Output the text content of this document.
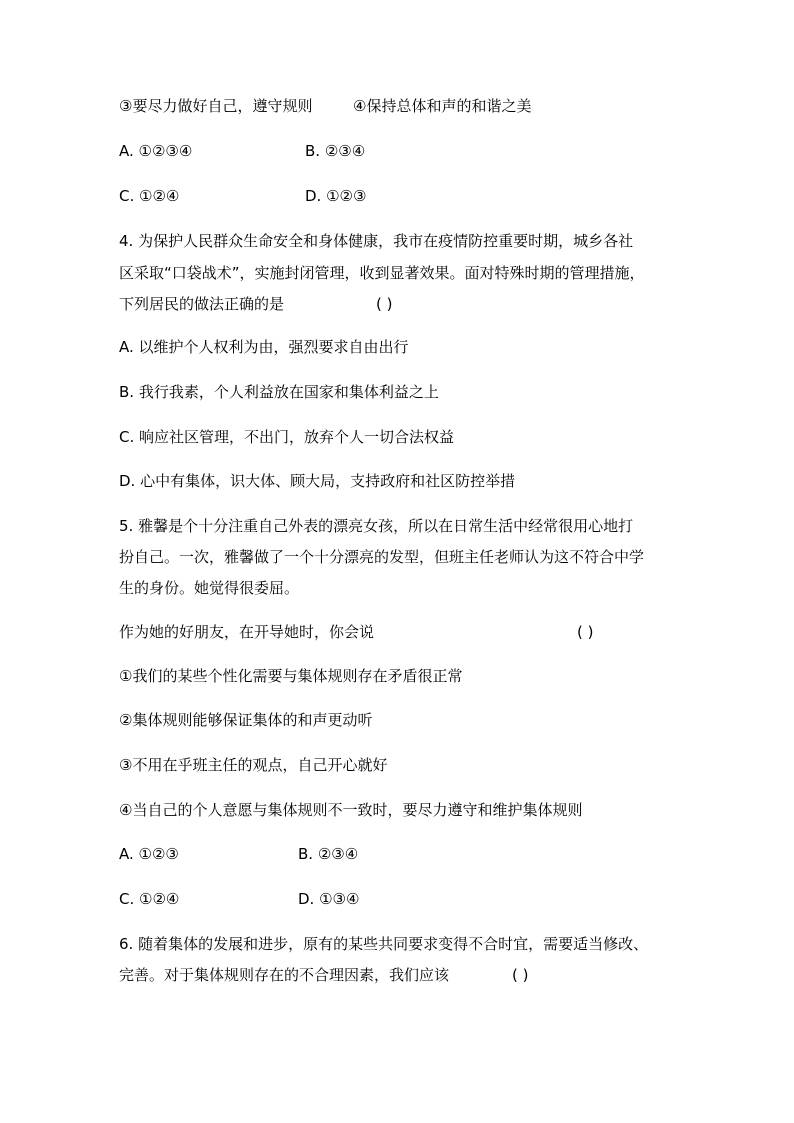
③要尽力做好自己，遵守规则	④保持总体和声的和谐之美
A. ①②③④	B. ②③④
C. ①②④	D. ①②③
4. 为保护人民群众生命安全和身体健康，我市在疫情防控重要时期，城乡各社
区采取“口袋战术”，实施封闭管理，收到显著效果。面对特殊时期的管理措施，
下列居民的做法正确的是	( )
A. 以维护个人权利为由，强烈要求自由出行
B. 我行我素，个人利益放在国家和集体利益之上
C. 响应社区管理，不出门，放弃个人一切合法权益
D. 心中有集体，识大体、顾大局，支持政府和社区防控举措
5. 雅馨是个十分注重自己外表的漂亮女孩，所以在日常生活中经常很用心地打
扮自己。一次，雅馨做了一个十分漂亮的发型，但班主任老师认为这不符合中学
生的身份。她觉得很委屈。
作为她的好朋友，在开导她时，你会说	( )
①我们的某些个性化需要与集体规则存在矛盾很正常
②集体规则能够保证集体的和声更动听
③不用在乎班主任的观点，自己开心就好
④当自己的个人意愿与集体规则不一致时，要尽力遵守和维护集体规则
A. ①②③	B. ②③④
C. ①②④	D. ①③④
6. 随着集体的发展和进步，原有的某些共同要求变得不合时宜，需要适当修改、
完善。对于集体规则存在的不合理因素，我们应该	( )
